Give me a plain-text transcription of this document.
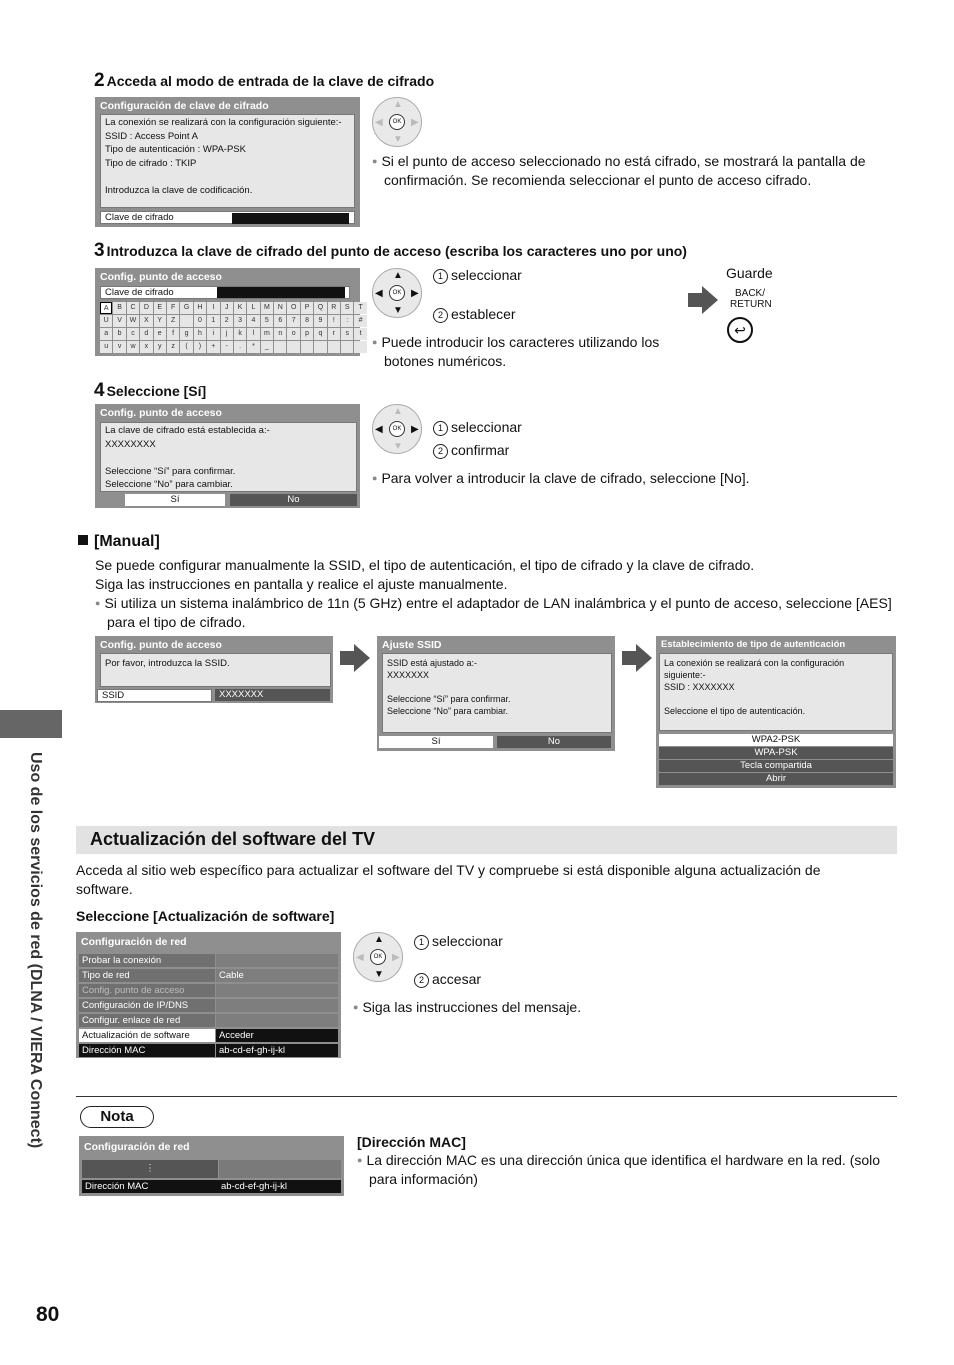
Uso de los servicios de red (DLNA / VIERA Connect)
2 Acceda al modo de entrada de la clave de cifrado
Configuración de clave de cifrado
La conexión se realizará con la configuración siguiente:-
SSID : Access Point A
Tipo de autenticación : WPA-PSK
Tipo de cifrado : TKIP
Introduzca la clave de codificación.
Clave de cifrado
▲
▼
◀	▶
OK
● Si el punto de acceso seleccionado no está cifrado, se mostrará la pantalla de confirmación. Se recomienda seleccionar el punto de acceso cifrado.
3 Introduzca la clave de cifrado del punto de acceso (escriba los caracteres uno por uno)
Config. punto de acceso
Clave de cifrado
A	B	C	D	E	F	G	H	I	J	K	L	M	N	O	P	Q	R	S	T
U	V	W	X	Y	Z	0	1	2	3	4	5	6	7	8	9	!	:	#
a	b	c	d	e	f	g	h	i	j	k	l	m	n	o	p	q	r	s	t
u	v	w	x	y	z	(	)	+	-	.	*	_
▲
▼
◀	▶
OK
1 seleccionar
2 establecer
● Puede introducir los caracteres utilizando los botones numéricos.
Guarde
BACK/ RETURN
↩
4 Seleccione [Sí]
Config. punto de acceso
La clave de cifrado está establecida a:-
XXXXXXXX
Seleccione “Sí” para confirmar.
Seleccione “No” para cambiar.
Sí	No
▲
▼
◀	▶
OK	1 seleccionar
2 confirmar
● Para volver a introducir la clave de cifrado, seleccione [No].
[Manual]
Se puede configurar manualmente la SSID, el tipo de autenticación, el tipo de cifrado y la clave de cifrado.
Siga las instrucciones en pantalla y realice el ajuste manualmente.
● Si utiliza un sistema inalámbrico de 11n (5 GHz) entre el adaptador de LAN inalámbrica y el punto de acceso, seleccione [AES] para el tipo de cifrado.
Config. punto de acceso
Por favor, introduzca la SSID.
SSID	XXXXXXX
Ajuste SSID
SSID está ajustado a:-
XXXXXXX
Seleccione “Sí” para confirmar.
Seleccione “No” para cambiar.
Sí	No
Establecimiento de tipo de autenticación
La conexión se realizará con la configuración siguiente:-
SSID : XXXXXXX
Seleccione el tipo de autenticación.
WPA2-PSK
WPA-PSK
Tecla compartida
Abrir
Actualización del software del TV
Acceda al sitio web específico para actualizar el software del TV y compruebe si está disponible alguna actualización de software.
Seleccione [Actualización de software]
Configuración de red
Probar la conexión
Tipo de red	Cable
Config. punto de acceso
Configuración de IP/DNS
Configur. enlace de red
Actualización de software	Acceder
Dirección MAC	ab-cd-ef-gh-ij-kl
▲
▼
◀	▶
OK
1 seleccionar
2 accesar
● Siga las instrucciones del mensaje.
Nota
Configuración de red
⋮
Dirección MAC	ab-cd-ef-gh-ij-kl
[Dirección MAC]
● La dirección MAC es una dirección única que identifica el hardware en la red. (solo para información)
80
